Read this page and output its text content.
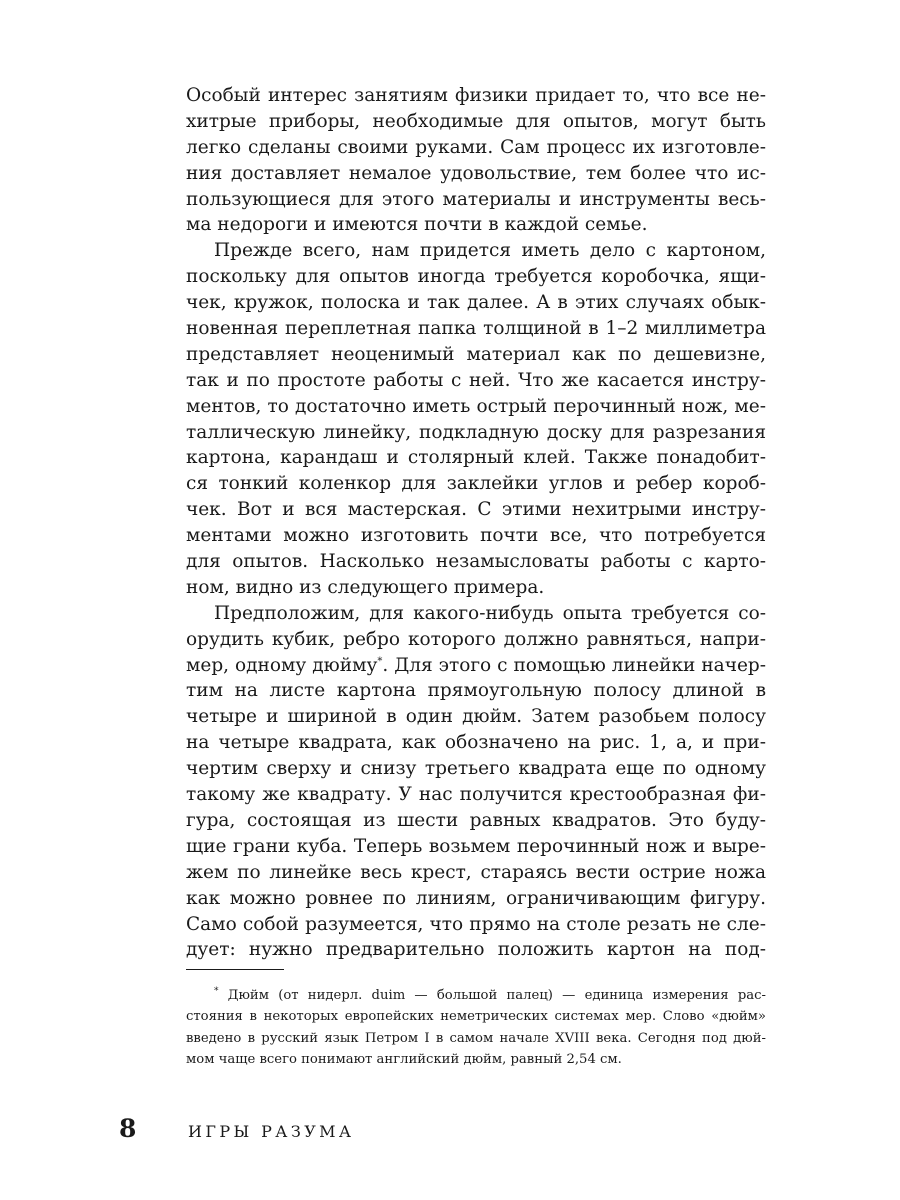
Особый интерес занятиям физики придает то, что все не-
хитрые приборы, необходимые для опытов, могут быть
легко сделаны своими руками. Сам процесс их изготовле-
ния доставляет немалое удовольствие, тем более что ис-
пользующиеся для этого материалы и инструменты весь-
ма недороги и имеются почти в каждой семье.
Прежде всего, нам придется иметь дело с картоном,
поскольку для опытов иногда требуется коробочка, ящи-
чек, кружок, полоска и так далее. А в этих случаях обык-
новенная переплетная папка толщиной в 1–2 миллиметра
представляет неоценимый материал как по дешевизне,
так и по простоте работы с ней. Что же касается инстру-
ментов, то достаточно иметь острый перочинный нож, ме-
таллическую линейку, подкладную доску для разрезания
картона, карандаш и столярный клей. Также понадобит-
ся тонкий коленкор для заклейки углов и ребер короб-
чек. Вот и вся мастерская. С этими нехитрыми инстру-
ментами можно изготовить почти все, что потребуется
для опытов. Насколько незамысловаты работы с карто-
ном, видно из следующего примера.
Предположим, для какого-нибудь опыта требуется со-
орудить кубик, ребро которого должно равняться, напри-
мер, одному дюйму*. Для этого с помощью линейки начер-
тим на листе картона прямоугольную полосу длиной в
четыре и шириной в один дюйм. Затем разобьем полосу
на четыре квадрата, как обозначено на рис. 1, а, и при-
чертим сверху и снизу третьего квадрата еще по одному
такому же квадрату. У нас получится крестообразная фи-
гура, состоящая из шести равных квадратов. Это буду-
щие грани куба. Теперь возьмем перочинный нож и выре-
жем по линейке весь крест, стараясь вести острие ножа
как можно ровнее по линиям, ограничивающим фигуру.
Само собой разумеется, что прямо на столе резать не сле-
дует: нужно предварительно положить картон на под-
* Дюйм (от нидерл. duim — большой палец) — единица измерения рас-
стояния в некоторых европейских неметрических системах мер. Слово «дюйм»
введено в русский язык Петром I в самом начале XVIII века. Сегодня под дюй-
мом чаще всего понимают английский дюйм, равный 2,54 см.
8	ИГРЫ РАЗУМА
